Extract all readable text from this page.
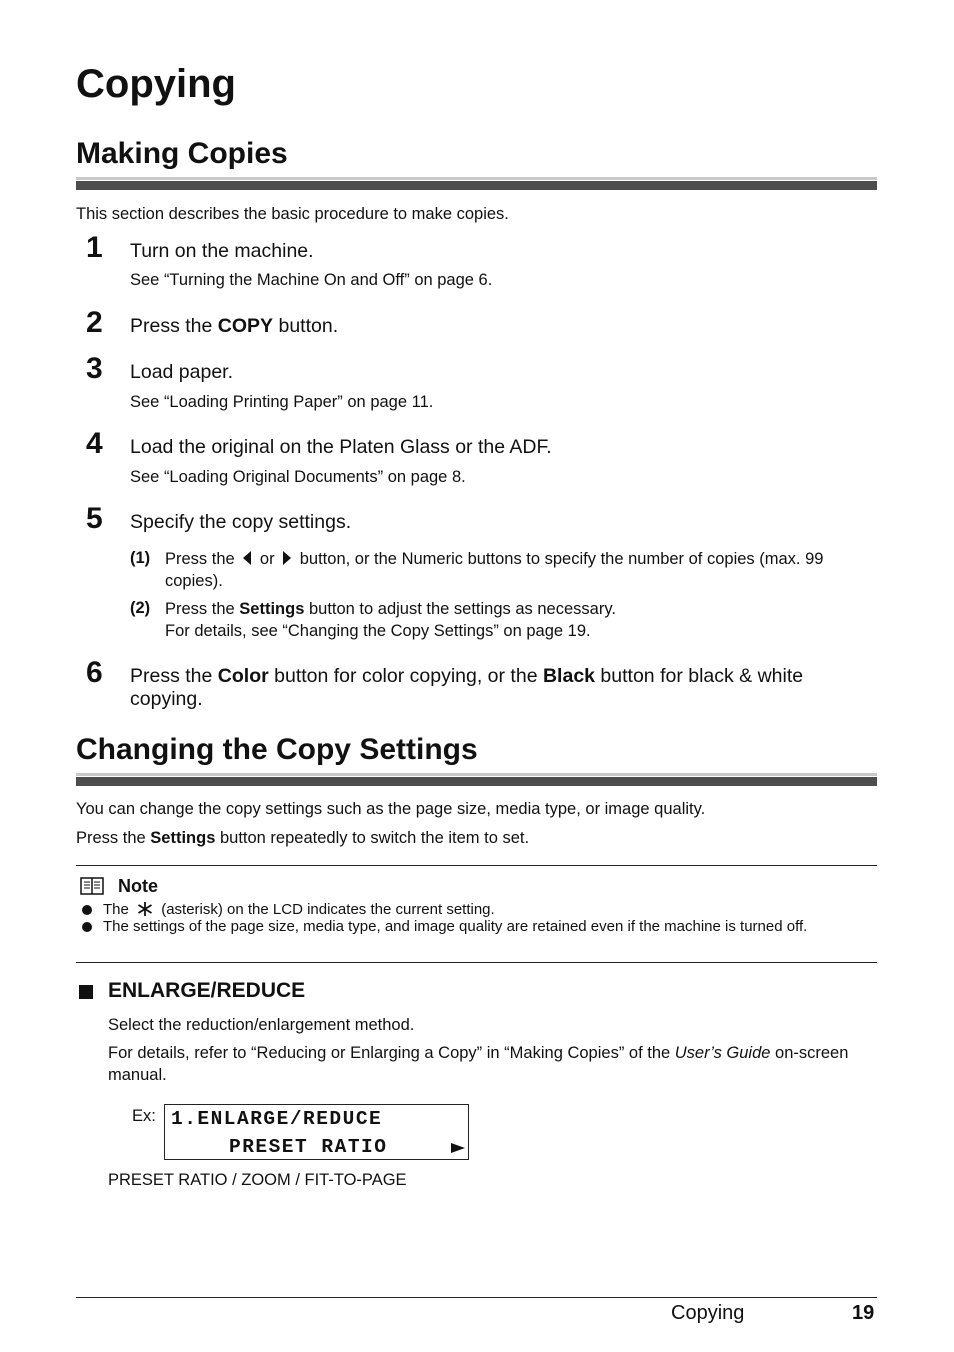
Copying
Making Copies
This section describes the basic procedure to make copies.
1 Turn on the machine.
See “Turning the Machine On and Off” on page 6.
2 Press the COPY button.
3 Load paper.
See “Loading Printing Paper” on page 11.
4 Load the original on the Platen Glass or the ADF.
See “Loading Original Documents” on page 8.
5 Specify the copy settings.
(1) Press the or button, or the Numeric buttons to specify the number of copies (max. 99 copies).
(2) Press the Settings button to adjust the settings as necessary.
For details, see “Changing the Copy Settings” on page 19.
6 Press the Color button for color copying, or the Black button for black & white copying.
Changing the Copy Settings
You can change the copy settings such as the page size, media type, or image quality.
Press the Settings button repeatedly to switch the item to set.
Note
The (asterisk) on the LCD indicates the current setting.
The settings of the page size, media type, and image quality are retained even if the machine is turned off.
ENLARGE/REDUCE
Select the reduction/enlargement method.
For details, refer to “Reducing or Enlarging a Copy” in “Making Copies” of the User’s Guide on-screen manual.
Ex: 1.ENLARGE/REDUCE
PRESET RATIO
PRESET RATIO / ZOOM / FIT-TO-PAGE
Copying	19
